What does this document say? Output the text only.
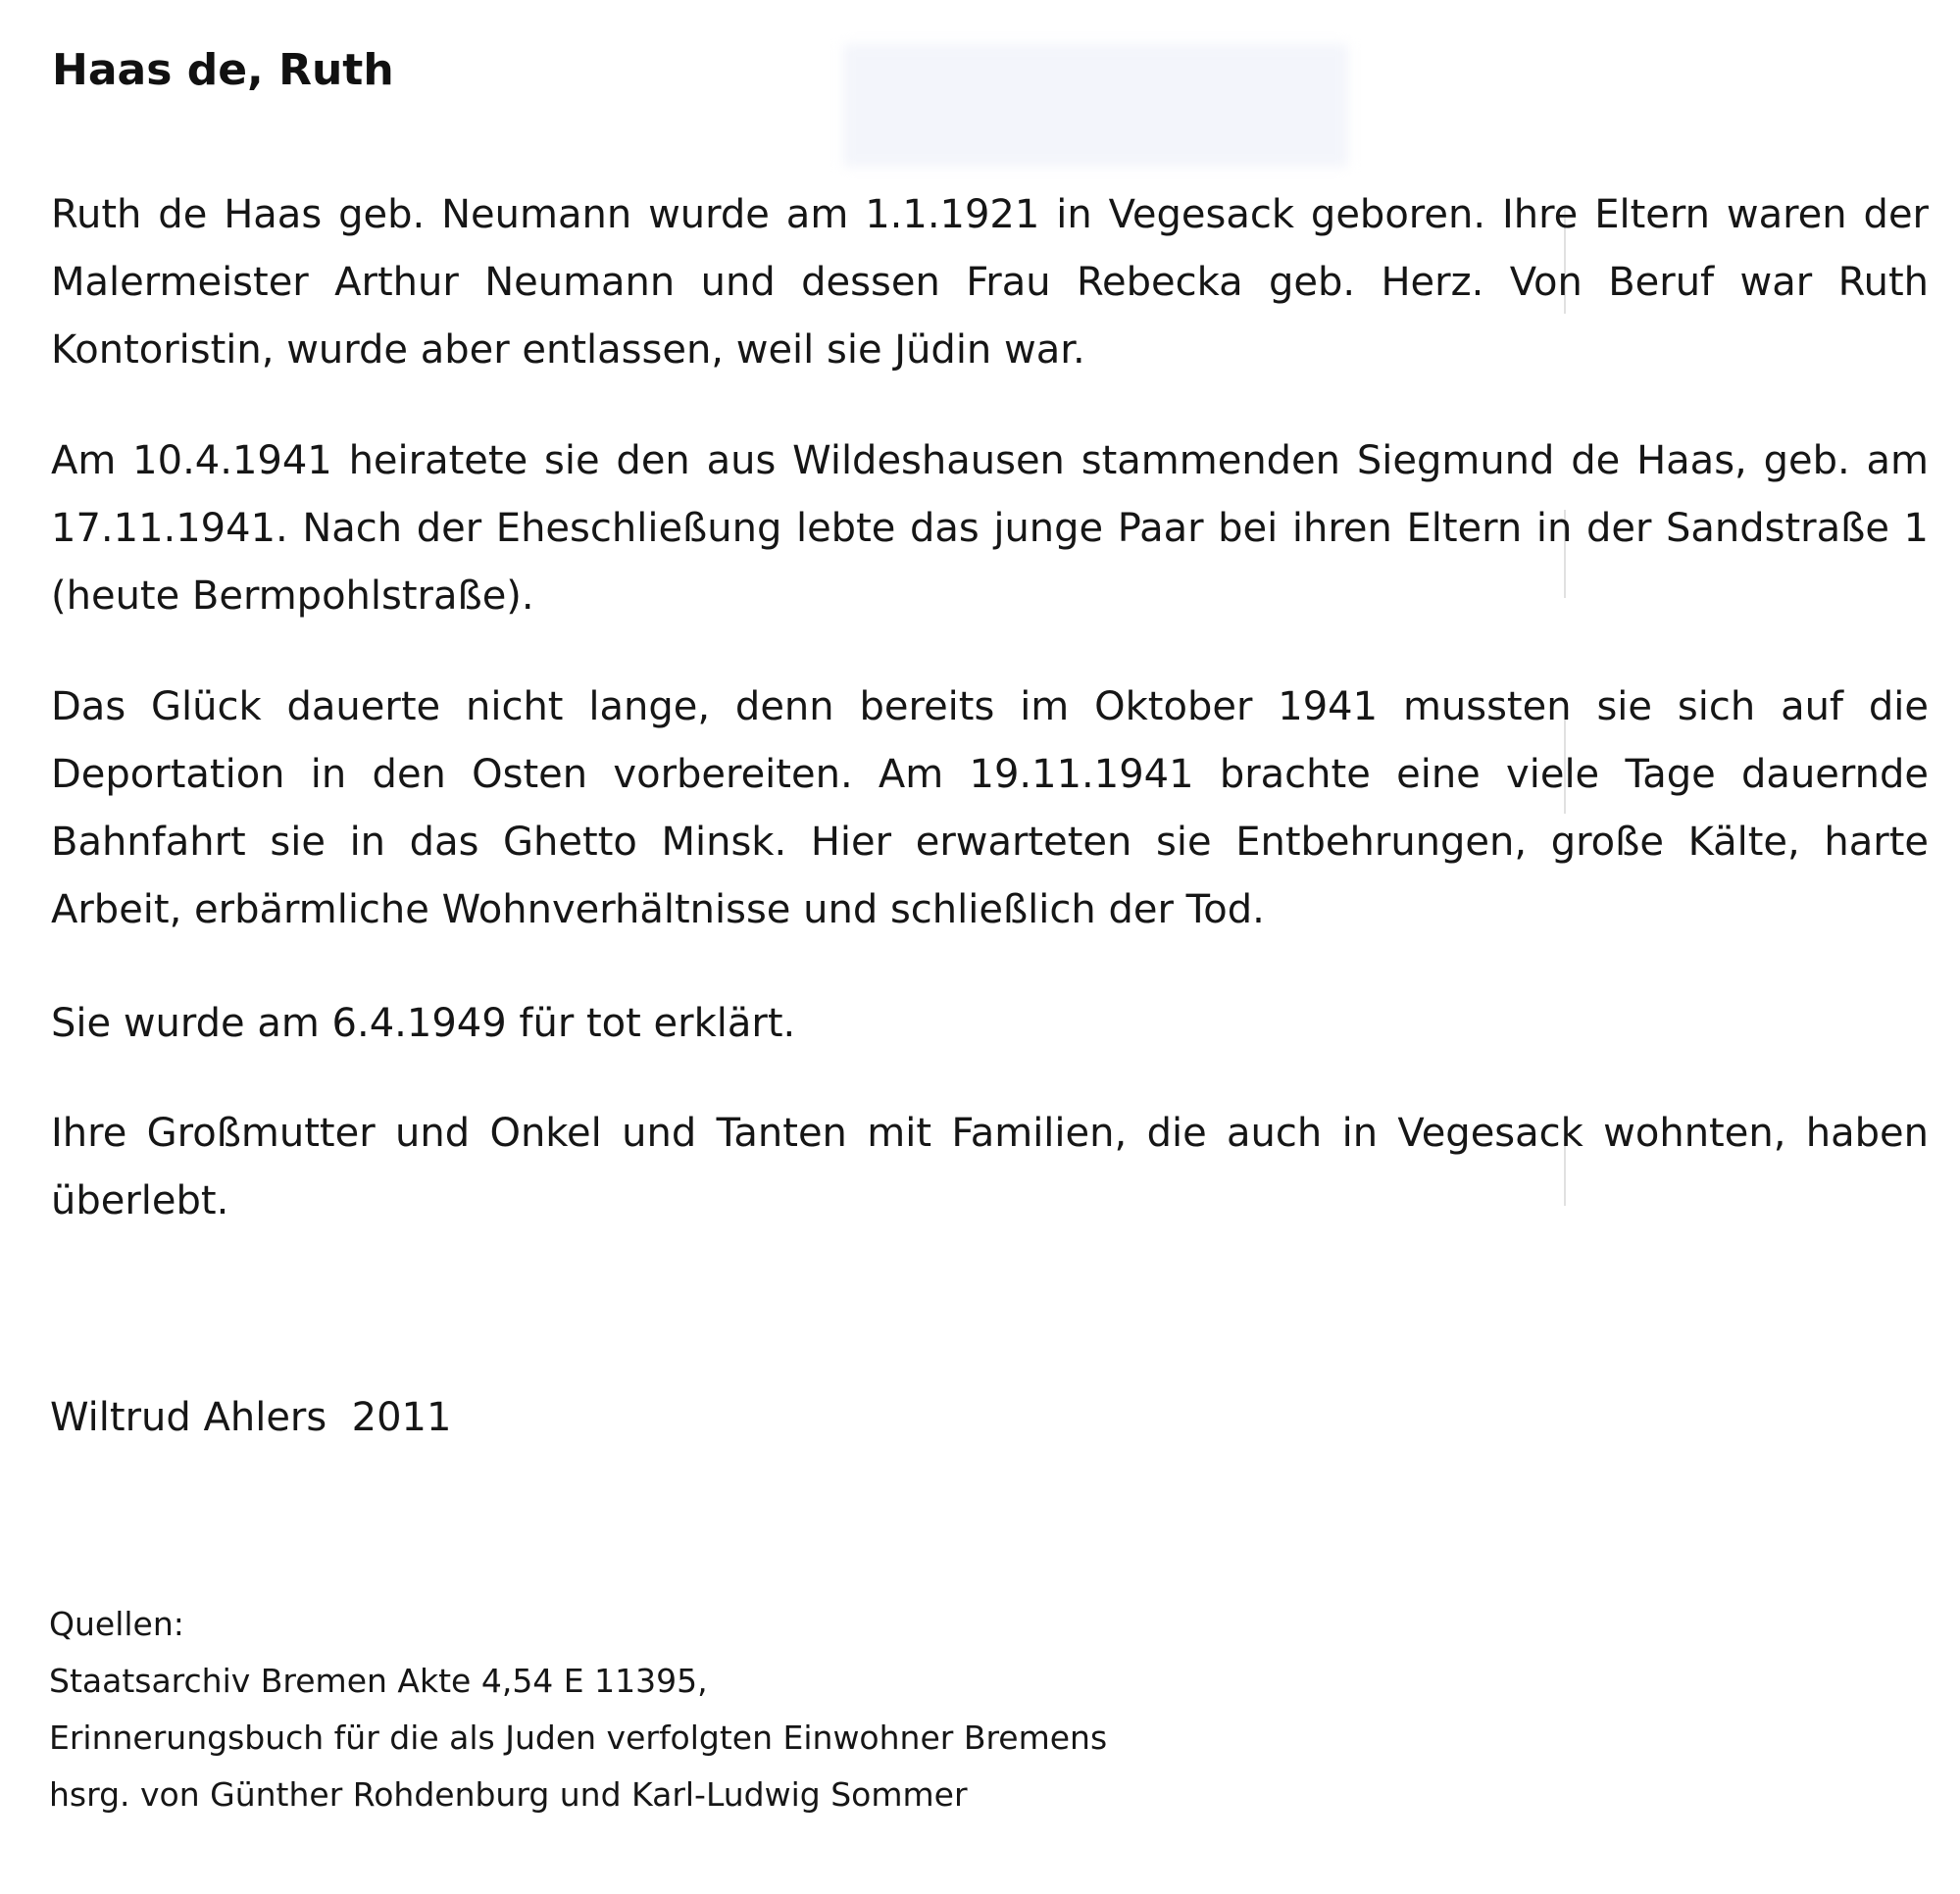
Haas de, Ruth

Ruth de Haas geb. Neumann wurde am 1.1.1921 in Vegesack geboren. Ihre Eltern waren der Malermeister Arthur Neumann und dessen Frau Rebecka geb. Herz. Von Beruf war Ruth Kontoristin, wurde aber entlassen, weil sie Jüdin war.

Am 10.4.1941 heiratete sie den aus Wildeshausen stammenden Siegmund de Haas, geb. am 17.11.1941. Nach der Eheschließung lebte das junge Paar bei ihren Eltern in der Sandstraße 1 (heute Bermpohlstraße).

Das Glück dauerte nicht lange, denn bereits im Oktober 1941 mussten sie sich auf die Deportation in den Osten vorbereiten. Am 19.11.1941 brachte eine viele Tage dauernde Bahnfahrt sie in das Ghetto Minsk. Hier erwarteten sie Entbehrungen, große Kälte, harte Arbeit, erbärmliche Wohnverhältnisse und schließlich der Tod.

Sie wurde am 6.4.1949 für tot erklärt.

Ihre Großmutter und Onkel und Tanten mit Familien, die auch in Vegesack wohnten, haben überlebt.

Wiltrud Ahlers  2011

Quellen:
Staatsarchiv Bremen Akte 4,54 E 11395,
Erinnerungsbuch für die als Juden verfolgten Einwohner Bremens
hsrg. von Günther Rohdenburg und Karl-Ludwig Sommer
